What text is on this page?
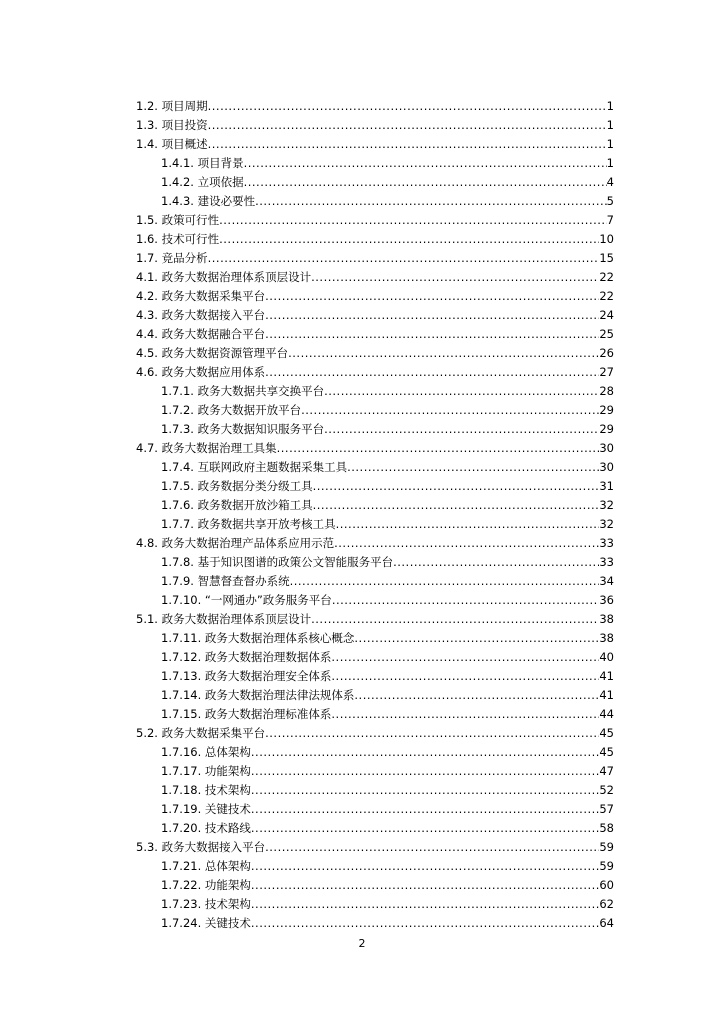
1.2. 项目周期 .....	1
1.3. 项目投资 .....	1
1.4. 项目概述 .....	1
1.4.1. 项目背景 .....	1
1.4.2. 立项依据 .....	4
1.4.3. 建设必要性 .....	5
1.5. 政策可行性 .....	7
1.6. 技术可行性 .....	10
1.7. 竞品分析 .....	15
4.1. 政务大数据治理体系顶层设计 .....	22
4.2. 政务大数据采集平台 .....	22
4.3. 政务大数据接入平台 .....	24
4.4. 政务大数据融合平台 .....	25
4.5. 政务大数据资源管理平台 .....	26
4.6. 政务大数据应用体系 .....	27
1.7.1. 政务大数据共享交换平台 .....	28
1.7.2. 政务大数据开放平台 .....	29
1.7.3. 政务大数据知识服务平台 .....	29
4.7. 政务大数据治理工具集 .....	30
1.7.4. 互联网政府主题数据采集工具 .....	30
1.7.5. 政务数据分类分级工具 .....	31
1.7.6. 政务数据开放沙箱工具 .....	32
1.7.7. 政务数据共享开放考核工具 .....	32
4.8. 政务大数据治理产品体系应用示范 .....	33
1.7.8. 基于知识图谱的政策公文智能服务平台 .....	33
1.7.9. 智慧督查督办系统 .....	34
1.7.10. “一网通办”政务服务平台 .....	36
5.1. 政务大数据治理体系顶层设计 .....	38
1.7.11. 政务大数据治理体系核心概念 .....	38
1.7.12. 政务大数据治理数据体系 .....	40
1.7.13. 政务大数据治理安全体系 .....	41
1.7.14. 政务大数据治理法律法规体系 .....	41
1.7.15. 政务大数据治理标准体系 .....	44
5.2. 政务大数据采集平台 .....	45
1.7.16. 总体架构 .....	45
1.7.17. 功能架构 .....	47
1.7.18. 技术架构 .....	52
1.7.19. 关键技术 .....	57
1.7.20. 技术路线 .....	58
5.3. 政务大数据接入平台 .....	59
1.7.21. 总体架构 .....	59
1.7.22. 功能架构 .....	60
1.7.23. 技术架构 .....	62
1.7.24. 关键技术 .....	64
2
